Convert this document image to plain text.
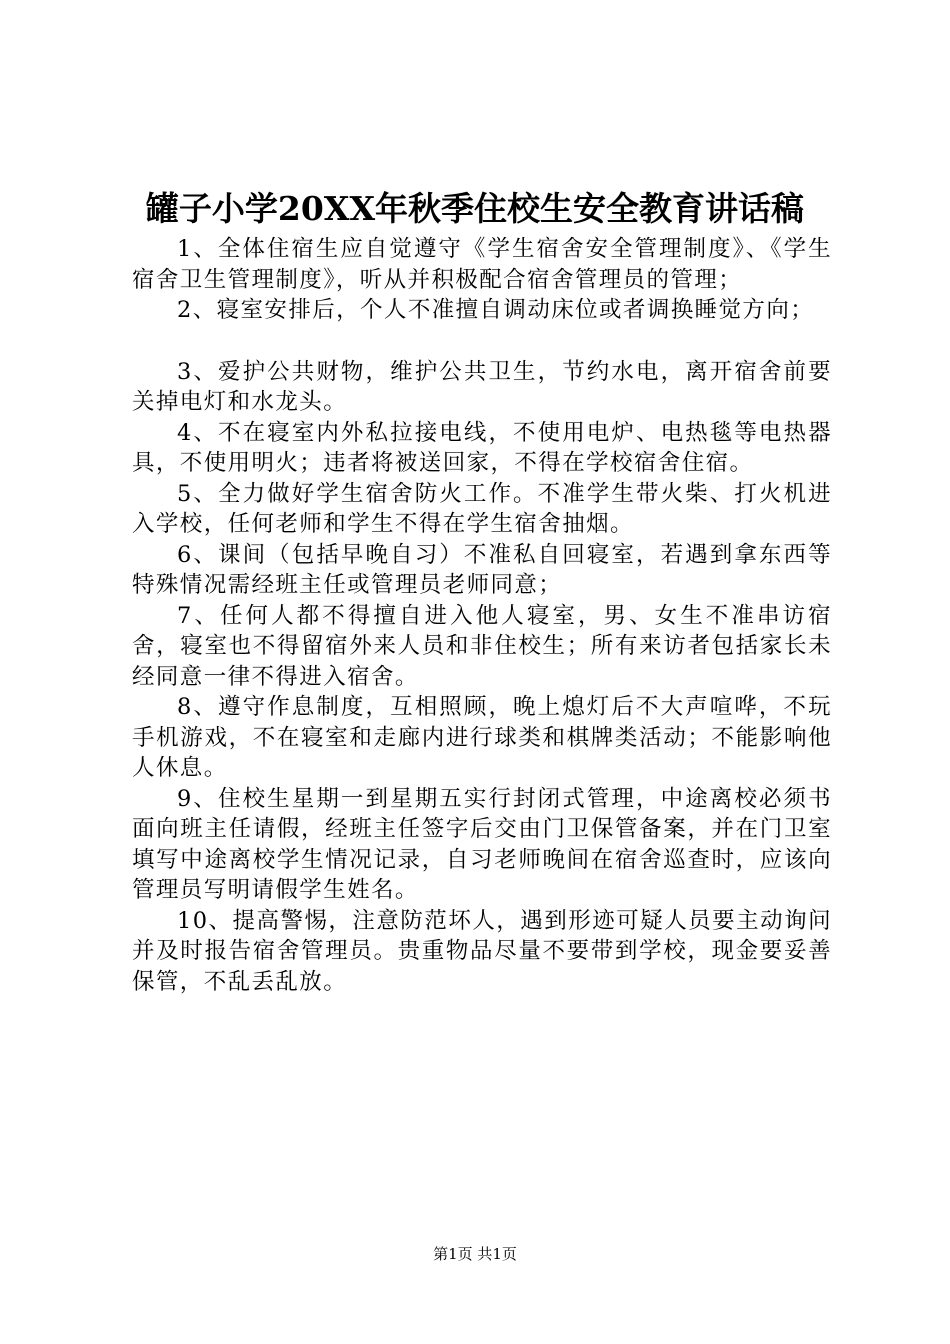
罐子小学20XX年秋季住校生安全教育讲话稿

1、全体住宿生应自觉遵守《学生宿舍安全管理制度》、《学生宿舍卫生管理制度》，听从并积极配合宿舍管理员的管理；

2、寝室安排后，个人不准擅自调动床位或者调换睡觉方向；

3、爱护公共财物，维护公共卫生，节约水电，离开宿舍前要关掉电灯和水龙头。

4、不在寝室内外私拉接电线，不使用电炉、电热毯等电热器具，不使用明火；违者将被送回家，不得在学校宿舍住宿。

5、全力做好学生宿舍防火工作。不准学生带火柴、打火机进入学校，任何老师和学生不得在学生宿舍抽烟。

6、课间（包括早晚自习）不准私自回寝室，若遇到拿东西等特殊情况需经班主任或管理员老师同意；

7、任何人都不得擅自进入他人寝室，男、女生不准串访宿舍，寝室也不得留宿外来人员和非住校生；所有来访者包括家长未经同意一律不得进入宿舍。

8、遵守作息制度，互相照顾，晚上熄灯后不大声喧哗，不玩手机游戏，不在寝室和走廊内进行球类和棋牌类活动；不能影响他人休息。

9、住校生星期一到星期五实行封闭式管理，中途离校必须书面向班主任请假，经班主任签字后交由门卫保管备案，并在门卫室填写中途离校学生情况记录，自习老师晚间在宿舍巡查时，应该向管理员写明请假学生姓名。

10、提高警惕，注意防范坏人，遇到形迹可疑人员要主动询问并及时报告宿舍管理员。贵重物品尽量不要带到学校，现金要妥善保管，不乱丢乱放。

第1页 共1页
